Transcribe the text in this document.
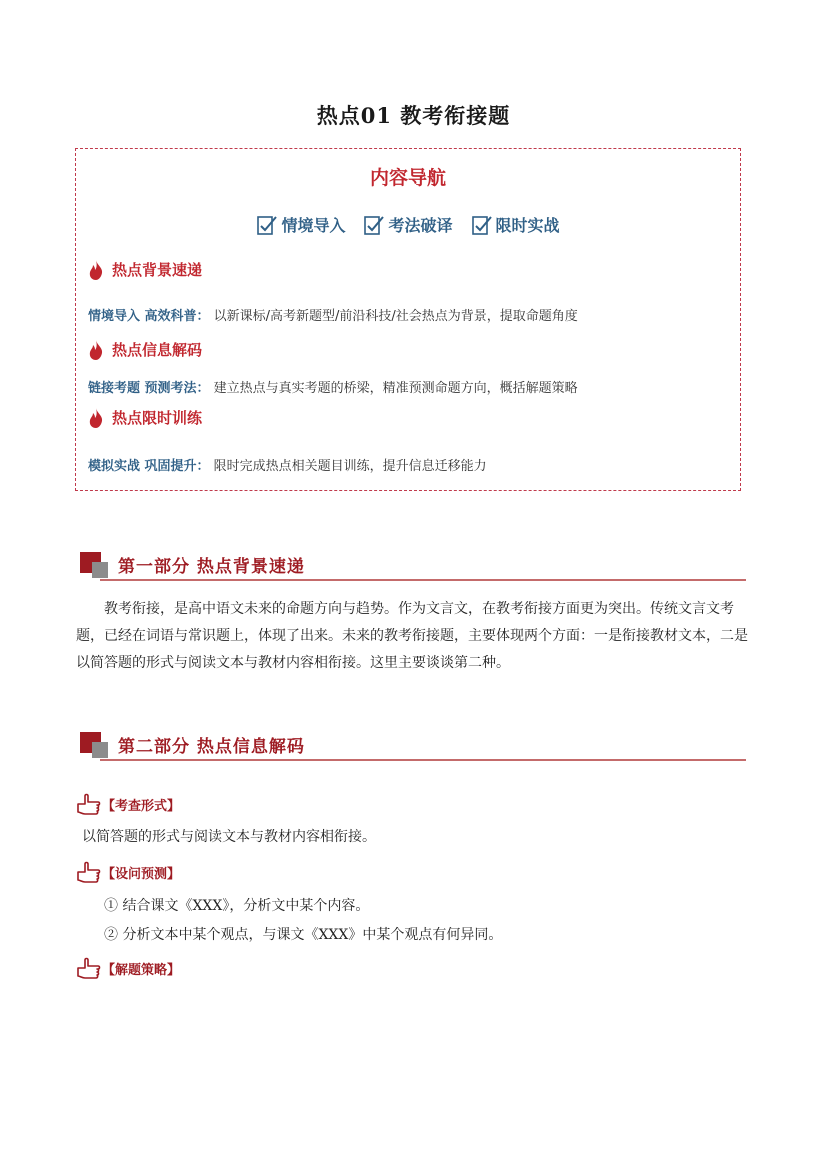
热点01 教考衔接题
内容导航
情境导入	考法破译	限时实战
热点背景速递
情境导入 高效科普： 以新课标/高考新题型/前沿科技/社会热点为背景，提取命题角度
热点信息解码
链接考题 预测考法： 建立热点与真实考题的桥梁，精准预测命题方向，概括解题策略
热点限时训练
模拟实战 巩固提升： 限时完成热点相关题目训练，提升信息迁移能力
第一部分 热点背景速递
教考衔接，是高中语文未来的命题方向与趋势。作为文言文，在教考衔接方面更为突出。传统文言文考题，已经在词语与常识题上，体现了出来。未来的教考衔接题，主要体现两个方面：一是衔接教材文本，二是以简答题的形式与阅读文本与教材内容相衔接。这里主要谈谈第二种。
第二部分 热点信息解码
【考查形式】
以简答题的形式与阅读文本与教材内容相衔接。
【设问预测】
① 结合课文《XXX》，分析文中某个内容。
② 分析文本中某个观点，与课文《XXX》中某个观点有何异同。
【解题策略】
